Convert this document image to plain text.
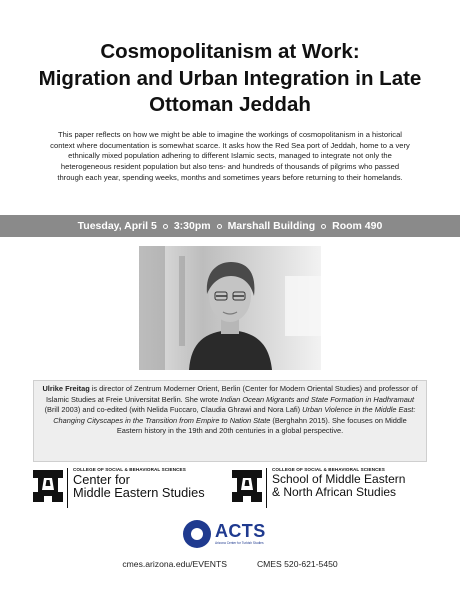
Cosmopolitanism at Work:
Migration and Urban Integration in Late
Ottoman Jeddah

This paper reflects on how we might be able to imagine the workings of cosmopolitanism in a historical context where documentation is somewhat scarce. It asks how the Red Sea port of Jeddah, home to a very ethnically mixed population adhering to different Islamic sects, managed to integrate not only the heterogeneous resident population but also tens- and hundreds of thousands of pilgrims who passed through each year, spending weeks, months and sometimes years before returning to their homelands.

Tuesday, April 5 3:30pm Marshall Building Room 490
Ulrike Freitag is director of Zentrum Moderner Orient, Berlin (Center for Modern Oriental Studies) and professor of Islamic Studies at Freie Universitat Berlin. She wrote Indian Ocean Migrants and State Formation in Hadhramaut (Brill 2003) and co-edited (with Nelida Fuccaro, Claudia Ghrawi and Nora Lafi) Urban Violence in the Middle East: Changing Cityscapes in the Transition from Empire to Nation State (Berghahn 2015). She focuses on Middle Eastern history in the 19th and 20th centuries in a global perspective.
COLLEGE OF SOCIAL & BEHAVIORAL SCIENCES
Center for
Middle Eastern Studies
COLLEGE OF SOCIAL & BEHAVIORAL SCIENCES
School of Middle Eastern
& North African Studies
ACTS
Arizona Center for Turkish Studies
cmes.arizona.edu/EVENTS	CMES 520-621-5450
